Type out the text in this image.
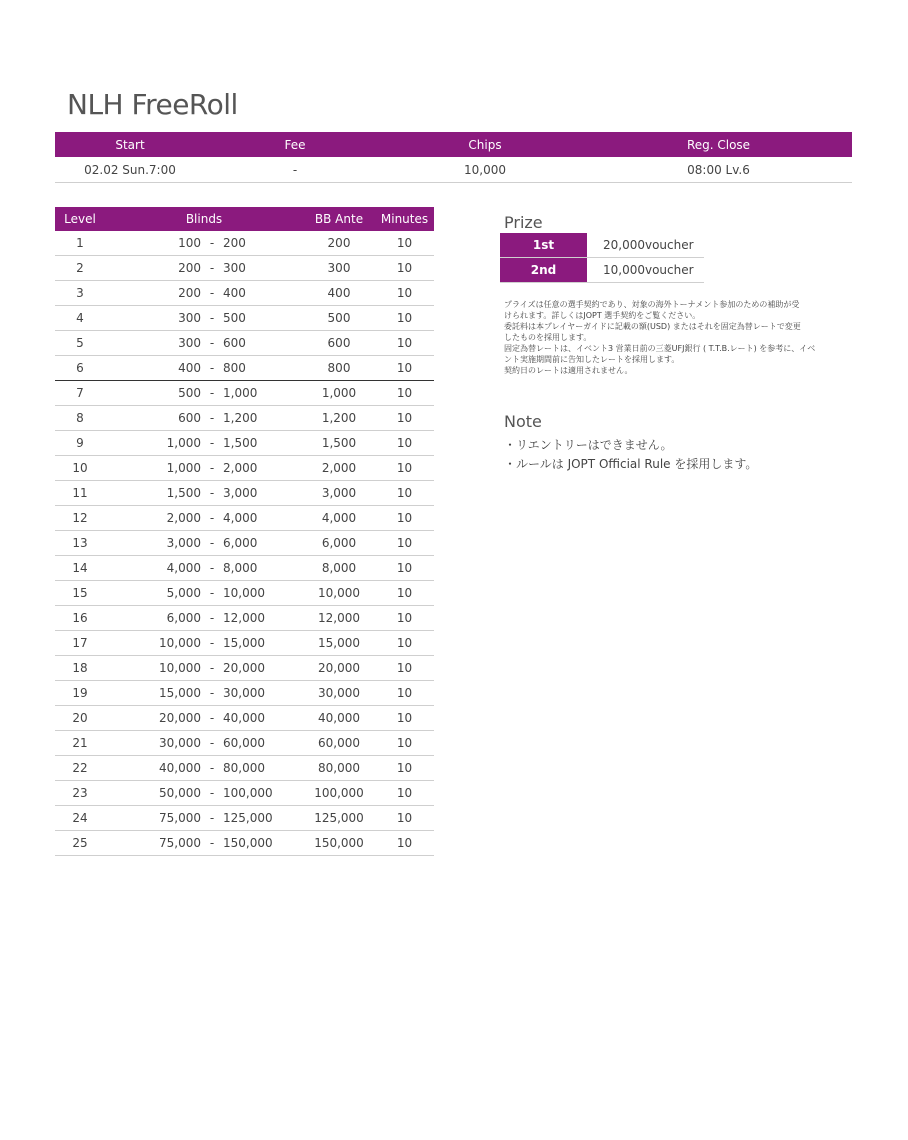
NLH FreeRoll
Start	Fee	Chips	Reg. Close
02.02 Sun.7:00	-	10,000	08:00 Lv.6
Level	Blinds	BB Ante	Minutes
1	100 - 200	200	10
2	200 - 300	300	10
3	200 - 400	400	10
4	300 - 500	500	10
5	300 - 600	600	10
6	400 - 800	800	10
7	500 - 1,000	1,000	10
8	600 - 1,200	1,200	10
9	1,000 - 1,500	1,500	10
10	1,000 - 2,000	2,000	10
11	1,500 - 3,000	3,000	10
12	2,000 - 4,000	4,000	10
13	3,000 - 6,000	6,000	10
14	4,000 - 8,000	8,000	10
15	5,000 - 10,000	10,000	10
16	6,000 - 12,000	12,000	10
17	10,000 - 15,000	15,000	10
18	10,000 - 20,000	20,000	10
19	15,000 - 30,000	30,000	10
20	20,000 - 40,000	40,000	10
21	30,000 - 60,000	60,000	10
22	40,000 - 80,000	80,000	10
23	50,000 - 100,000	100,000	10
24	75,000 - 125,000	125,000	10
25	75,000 - 150,000	150,000	10
Prize
1st	20,000voucher
2nd	10,000voucher
プライズは任意の選手契約であり、対象の海外トーナメント参加のための補助が受
けられます。詳しくはJOPT 選手契約をご覧ください。
委託料は本プレイヤーガイドに記載の額(USD) またはそれを固定為替レートで変更
したものを採用します。
固定為替レートは、イベント3 営業日前の三菱UFJ銀行 ( T.T.B.レート) を参考に、イベ
ント実施期間前に告知したレートを採用します。
契約日のレートは適用されません。
Note
・リエントリーはできません。
・ルールは JOPT Official Rule を採用します。
